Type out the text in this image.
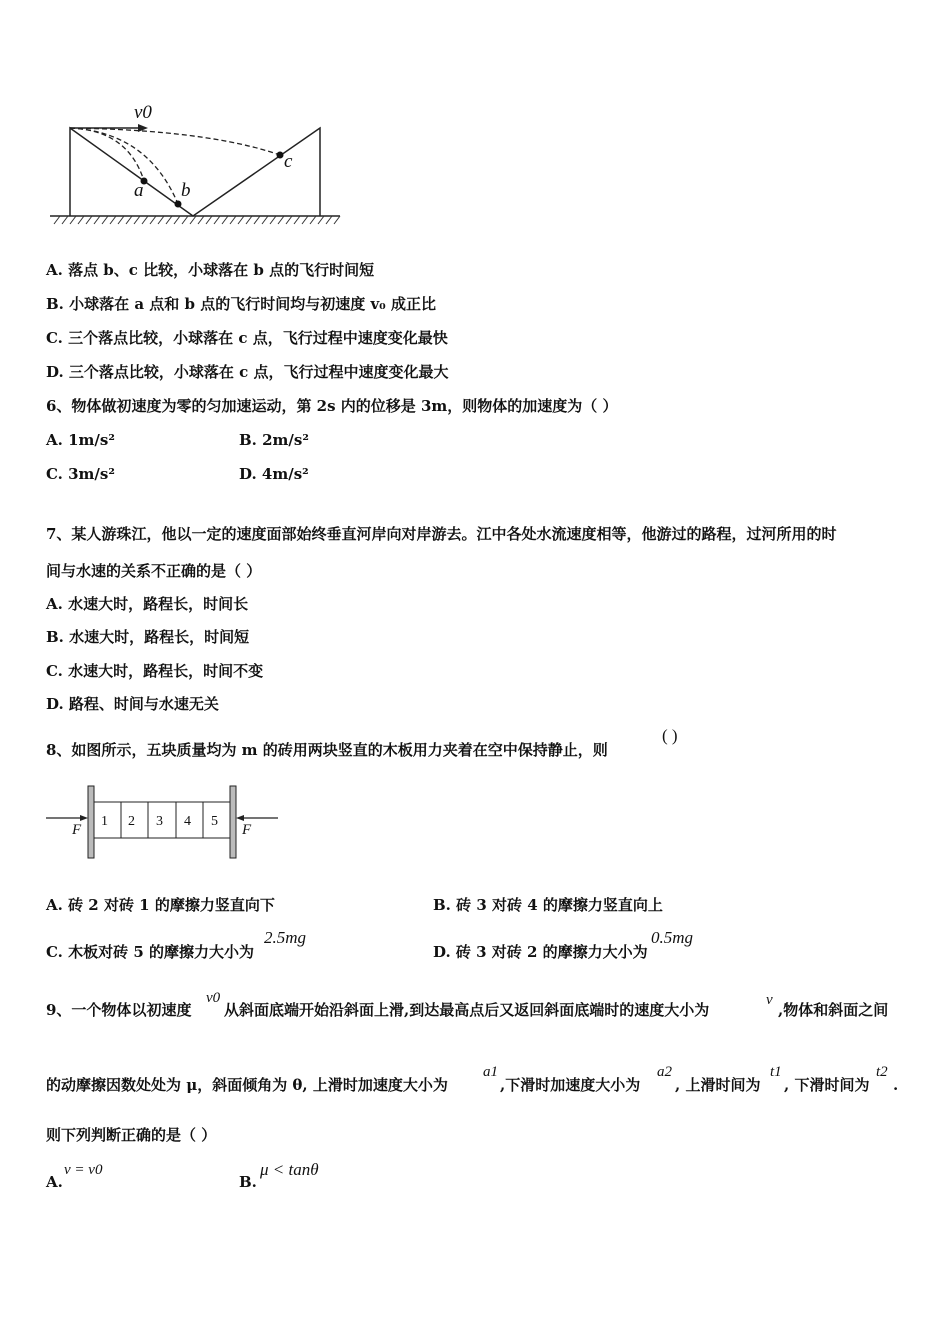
v0
a b
c
A. 落点 b、c 比较，小球落在 b 点的飞行时间短
B. 小球落在 a 点和 b 点的飞行时间均与初速度 v₀ 成正比
C. 三个落点比较，小球落在 c 点，飞行过程中速度变化最快
D. 三个落点比较，小球落在 c 点，飞行过程中速度变化最大
6、物体做初速度为零的匀加速运动，第 2s 内的位移是 3m，则物体的加速度为（ ）
A. 1m/s²	B. 2m/s²
C. 3m/s²	D. 4m/s²
7、某人游珠江，他以一定的速度面部始终垂直河岸向对岸游去。江中各处水流速度相等，他游过的路程，过河所用的时
间与水速的关系不正确的是（ ）
A. 水速大时，路程长，时间长
B. 水速大时，路程长，时间短
C. 水速大时，路程长，时间不变
D. 路程、时间与水速无关
8、如图所示，五块质量均为 m 的砖用两块竖直的木板用力夹着在空中保持静止，则
( )
1 2 3 4 5
F	F
A. 砖 2 对砖 1 的摩擦力竖直向下	B. 砖 3 对砖 4 的摩擦力竖直向上
C. 木板对砖 5 的摩擦力大小为
2.5mg
D. 砖 3 对砖 2 的摩擦力大小为
0.5mg
9、一个物体以初速度
v0
从斜面底端开始沿斜面上滑,到达最高点后又返回斜面底端时的速度大小为
v
,物体和斜面之间
的动摩擦因数处处为 μ，斜面倾角为 θ, 上滑时加速度大小为
a1
,下滑时加速度大小为
a2
, 上滑时间为
t1
, 下滑时间为
t2
.
则下列判断正确的是（ ）
A.
v = v0
B.
μ < tanθ
